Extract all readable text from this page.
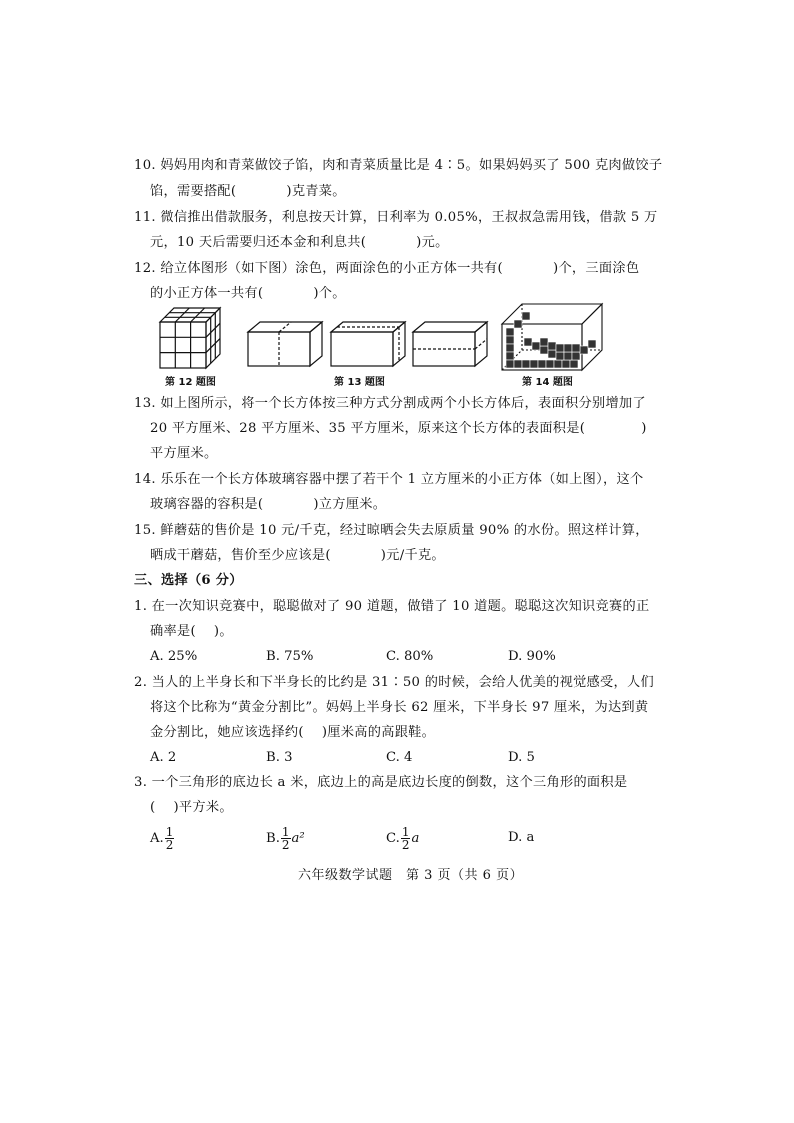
10. 妈妈用肉和青菜做饺子馅，肉和青菜质量比是 4∶5。如果妈妈买了 500 克肉做饺子
馅，需要搭配(	)克青菜。
11. 微信推出借款服务，利息按天计算，日利率为 0.05%，王叔叔急需用钱，借款 5 万
元，10 天后需要归还本金和利息共(	)元。
12. 给立体图形（如下图）涂色，两面涂色的小正方体一共有(	)个，三面涂色
的小正方体一共有(	)个。
第 12 题图	第 13 题图	第 14 题图
13. 如上图所示，将一个长方体按三种方式分割成两个小长方体后，表面积分别增加了
20 平方厘米、28 平方厘米、35 平方厘米，原来这个长方体的表面积是(	)
平方厘米。
14. 乐乐在一个长方体玻璃容器中摆了若干个 1 立方厘米的小正方体（如上图），这个
玻璃容器的容积是(	)立方厘米。
15. 鲜蘑菇的售价是 10 元/千克，经过晾晒会失去原质量 90% 的水份。照这样计算，
晒成干蘑菇，售价至少应该是(	)元/千克。
三、选择（6 分）
1. 在一次知识竞赛中，聪聪做对了 90 道题，做错了 10 道题。聪聪这次知识竞赛的正
确率是( )。
A. 25%	B. 75%	C. 80%	D. 90%
2. 当人的上半身长和下半身长的比约是 31∶50 的时候，会给人优美的视觉感受，人们
将这个比称为“黄金分割比”。妈妈上半身长 62 厘米，下半身长 97 厘米，为达到黄
金分割比，她应该选择约( )厘米高的高跟鞋。
A. 2	B. 3	C. 4	D. 5
3. 一个三角形的底边长 a 米，底边上的高是底边长度的倒数，这个三角形的面积是
( )平方米。
A. $\frac{1}{2}$	B. $\frac{1}{2} a^2$	C. $\frac{1}{2}$ a	D. a
六年级数学试题　第 3 页（共 6 页）
